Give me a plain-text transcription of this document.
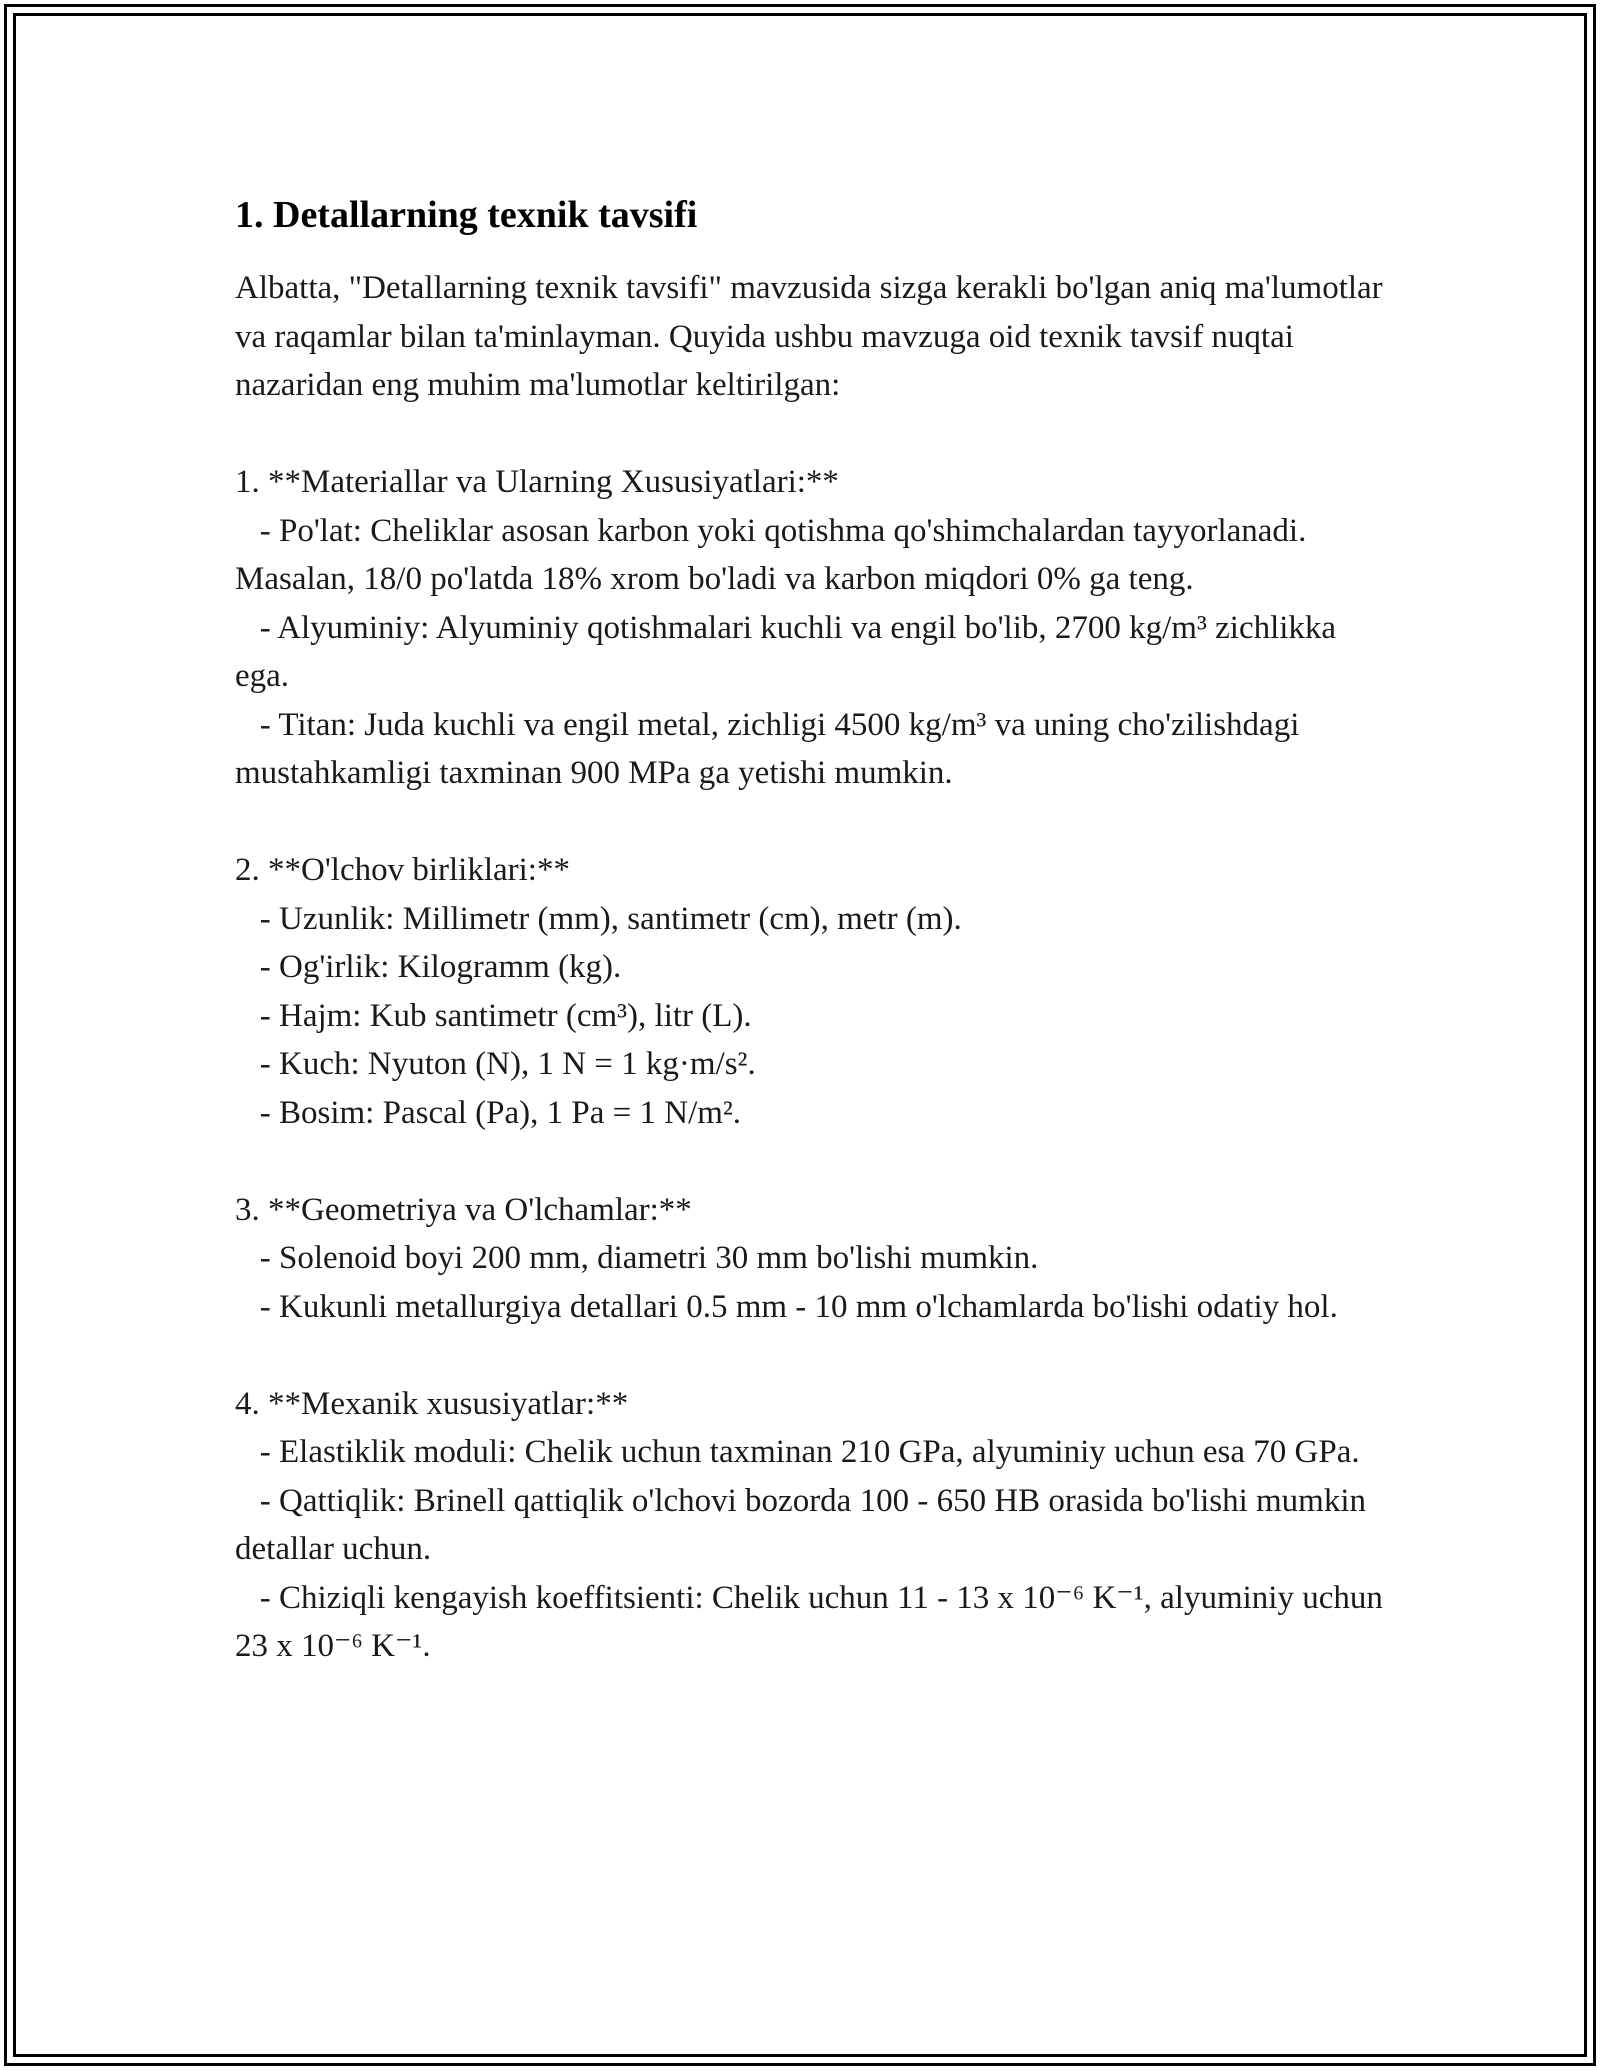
1. Detallarning texnik tavsifi

Albatta, "Detallarning texnik tavsifi" mavzusida sizga kerakli bo'lgan aniq ma'lumotlar va raqamlar bilan ta'minlayman. Quyida ushbu mavzuga oid texnik tavsif nuqtai nazaridan eng muhim ma'lumotlar keltirilgan:

1. **Materiallar va Ularning Xususiyatlari:**

- Po'lat: Cheliklar asosan karbon yoki qotishma qo'shimchalardan tayyorlanadi. Masalan, 18/0 po'latda 18% xrom bo'ladi va karbon miqdori 0% ga teng.

- Alyuminiy: Alyuminiy qotishmalari kuchli va engil bo'lib, 2700 kg/m³ zichlikka ega.

- Titan: Juda kuchli va engil metal, zichligi 4500 kg/m³ va uning cho'zilishdagi mustahkamligi taxminan 900 MPa ga yetishi mumkin.

2. **O'lchov birliklari:**

- Uzunlik: Millimetr (mm), santimetr (cm), metr (m).

- Og'irlik: Kilogramm (kg).

- Hajm: Kub santimetr (cm³), litr (L).

- Kuch: Nyuton (N), 1 N = 1 kg·m/s².

- Bosim: Pascal (Pa), 1 Pa = 1 N/m².

3. **Geometriya va O'lchamlar:**

- Solenoid boyi 200 mm, diametri 30 mm bo'lishi mumkin.

- Kukunli metallurgiya detallari 0.5 mm - 10 mm o'lchamlarda bo'lishi odatiy hol.

4. **Mexanik xususiyatlar:**

- Elastiklik moduli: Chelik uchun taxminan 210 GPa, alyuminiy uchun esa 70 GPa.

- Qattiqlik: Brinell qattiqlik o'lchovi bozorda 100 - 650 HB orasida bo'lishi mumkin detallar uchun.

- Chiziqli kengayish koeffitsienti: Chelik uchun 11 - 13 x 10⁻⁶ K⁻¹, alyuminiy uchun 23 x 10⁻⁶ K⁻¹.
